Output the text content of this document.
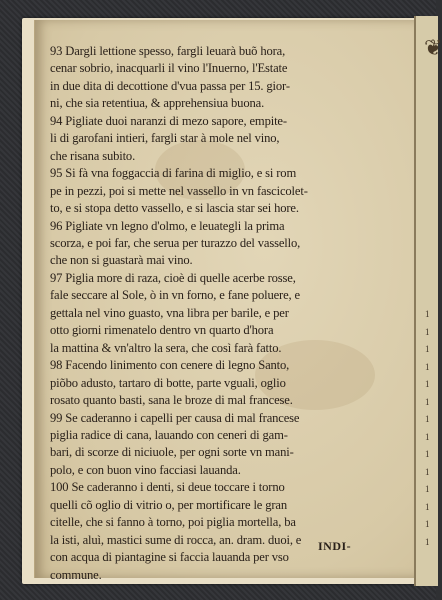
93 Dargli lettione spesso, fargli leuarà buõ hora,
cenar sobrio, inacquarli il vino l'Inuerno, l'Estate
in due dita di decottione d'vua passa per 15. gior-
ni, che sia retentiua, & apprehensiua buona.
94 Pigliate duoi naranzi di mezo sapore, empite-
li di garofani intieri, fargli star à mole nel vino,
che risana subito.
95 Si fà vna foggaccia di farina di miglio, e si rom
pe in pezzi, poi si mette nel vassello in vn fascicolet-
to, e si stopa detto vassello, e si lascia star sei hore.
96 Pigliate vn legno d'olmo, e leuategli la prima
scorza, e poi far, che serua per turazzo del vassello,
che non si guastarà mai vino.
97 Piglia more di raza, cioè di quelle acerbe rosse,
fale seccare al Sole, ò in vn forno, e fane poluere, e
gettala nel vino guasto, vna libra per barile, e per
otto giorni rimenatelo dentro vn quarto d'hora
la mattina & vn'altro la sera, che così farà fatto.
98 Facendo linimento con cenere di legno Santo,
piõbo adusto, tartaro di botte, parte vguali, oglio
rosato quanto basti, sana le broze di mal francese.
99 Se caderanno i capelli per causa di mal francese
piglia radice di cana, lauando con ceneri di gam-
bari, di scorze di niciuole, per ogni sorte vn mani-
polo, e con buon vino facciasi lauanda.
100 Se caderanno i denti, si deue toccare i torno
quelli cõ oglio di vitrio o, per mortificare le gran
citelle, che si fanno à torno, poi piglia mortella, ba
la isti, aluì, mastici sume di rocca, an. dram. duoi, e
con acqua di piantagine si faccia lauanda per vso
commune.
INDI-
❦
1
1
1
1
1
1
1
1
1
1
1
1
1
1
